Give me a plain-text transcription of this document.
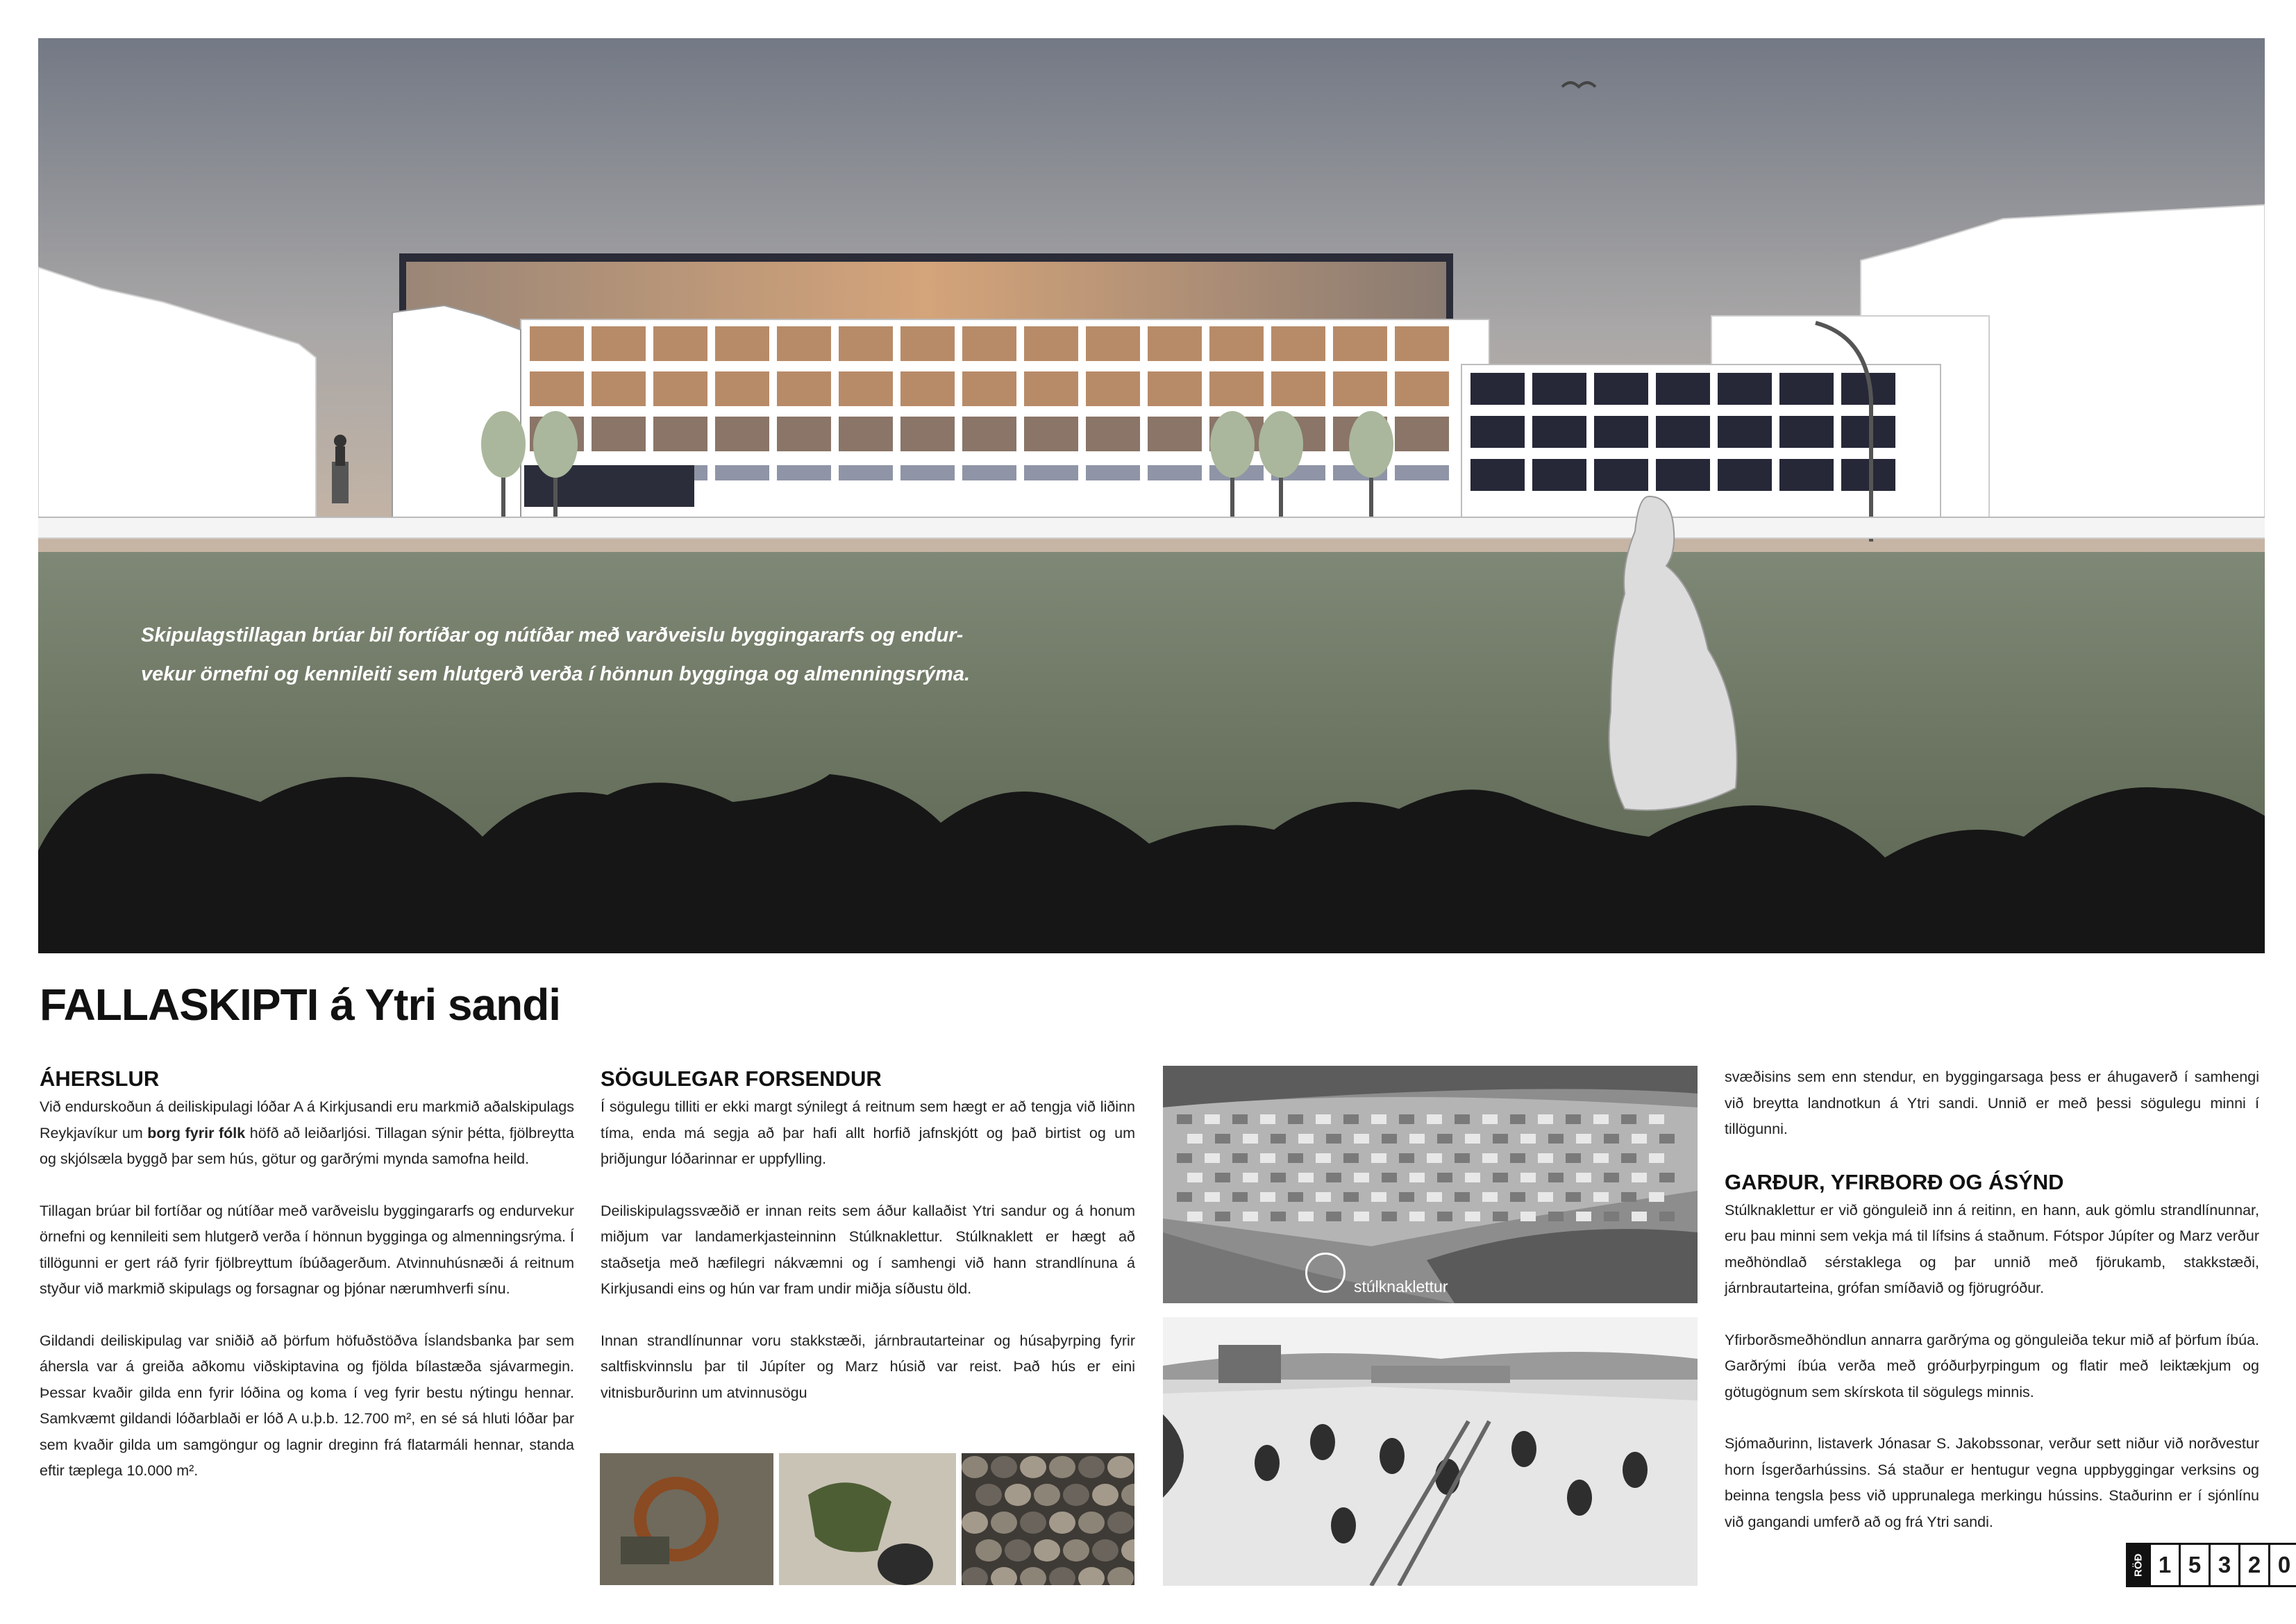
Skipulagstillagan brúar bil fortíðar og nútíðar með varðveislu byggingararfs og endur-
vekur örnefni og kennileiti sem hlutgerð verða í hönnun bygginga og almenningsrýma.
FALLASKIPTI á Ytri sandi
ÁHERSLUR

Við endurskoðun á deiliskipulagi lóðar A á Kirkjusandi eru markmið aðalskipulags Reykjavíkur um borg fyrir fólk höfð að leiðarljósi. Tillagan sýnir þétta, fjölbreytta og skjólsæla byggð þar sem hús, götur og garðrými mynda samofna heild.

Tillagan brúar bil fortíðar og nútíðar með varðveislu byggingararfs og endurvekur örnefni og kennileiti sem hlutgerð verða í hönnun bygginga og almenningsrýma. Í tillögunni er gert ráð fyrir fjölbreyttum íbúðagerðum. Atvinnuhúsnæði á reitnum styður við markmið skipulags og forsagnar og þjónar nærumhverfi sínu.

Gildandi deiliskipulag var sniðið að þörfum höfuðstöðva Íslandsbanka þar sem áhersla var á greiða aðkomu viðskiptavina og fjölda bílastæða sjávarmegin. Þessar kvaðir gilda enn fyrir lóðina og koma í veg fyrir bestu nýtingu hennar. Samkvæmt gildandi lóðarblaði er lóð A u.þ.b. 12.700 m², en sé sá hluti lóðar þar sem kvaðir gilda um samgöngur og lagnir dreginn frá flatarmáli hennar, standa eftir tæplega 10.000 m².

SÖGULEGAR FORSENDUR

Í sögulegu tilliti er ekki margt sýnilegt á reitnum sem hægt er að tengja við liðinn tíma, enda má segja að þar hafi allt horfið jafnskjótt og það birtist og um þriðjungur lóðarinnar er uppfylling.

Deiliskipulagssvæðið er innan reits sem áður kallaðist Ytri sandur og á honum miðjum var landamerkjasteinninn Stúlknaklettur. Stúlknaklett er hægt að staðsetja með hæfilegri nákvæmni og í samhengi við hann strandlínuna á Kirkjusandi eins og hún var fram undir miðja síðustu öld.

Innan strandlínunnar voru stakkstæði, járnbrautarteinar og húsaþyrping fyrir saltfiskvinnslu þar til Júpíter og Marz húsið var reist. Það hús er eini vitnisburðurinn um atvinnusögu

stúlknaklettur

svæðisins sem enn stendur, en byggingarsaga þess er áhugaverð í samhengi við breytta landnotkun á Ytri sandi. Unnið er með þessi sögulegu minni í tillögunni.

GARÐUR, YFIRBORÐ OG ÁSÝND

Stúlknaklettur er við gönguleið inn á reitinn, en hann, auk gömlu strandlínunnar, eru þau minni sem vekja má til lífsins á staðnum. Fótspor Júpíter og Marz verður meðhöndlað sérstaklega og þar unnið með fjörukamb, stakkstæði, járnbrautarteina, grófan smíðavið og fjörugróður.

Yfirborðsmeðhöndlun annarra garðrýma og gönguleiða tekur mið af þörfum íbúa. Garðrými íbúa verða með gróðurþyrpingum og flatir með leiktækjum og götugögnum sem skírskota til sögulegs minnis.

Sjómaðurinn, listaverk Jónasar S. Jakobssonar, verður sett niður við norðvestur horn Ísgerðarhússins. Sá staður er hentugur vegna uppbyggingar verksins og beinna tengsla þess við upprunalega merkingu hússins. Staðurinn er í sjónlínu við gangandi umferð að og frá Ytri sandi.

RÖÐ 1 5 3 2 0
